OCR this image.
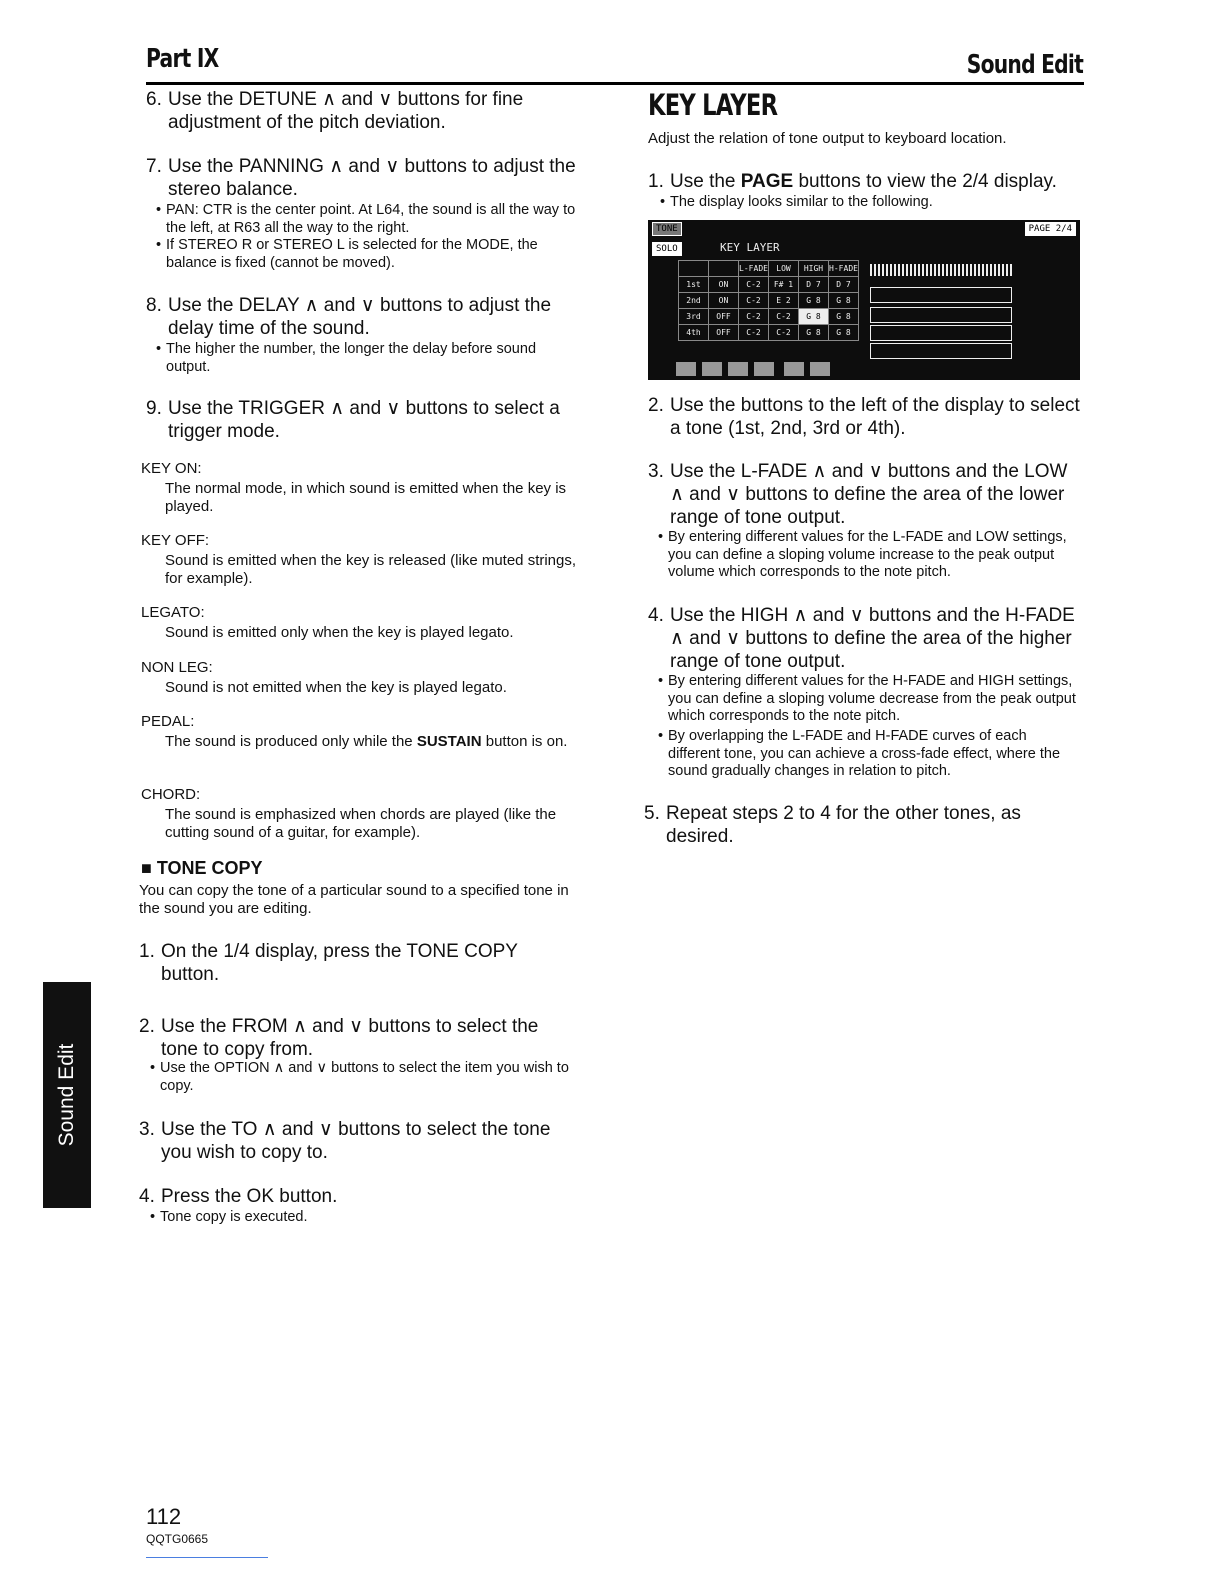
Part IX	Sound Edit
6. Use the DETUNE ∧ and ∨ buttons for fine adjustment of the pitch deviation.
7. Use the PANNING ∧ and ∨ buttons to adjust the stereo balance.
• PAN: CTR is the center point. At L64, the sound is all the way to the left, at R63 all the way to the right.
• If STEREO R or STEREO L is selected for the MODE, the balance is fixed (cannot be moved).
8. Use the DELAY ∧ and ∨ buttons to adjust the delay time of the sound.
• The higher the number, the longer the delay before sound output.
9. Use the TRIGGER ∧ and ∨ buttons to select a trigger mode.
KEY ON:
The normal mode, in which sound is emitted when the key is played.
KEY OFF:
Sound is emitted when the key is released (like muted strings, for example).
LEGATO:
Sound is emitted only when the key is played legato.
NON LEG:
Sound is not emitted when the key is played legato.
PEDAL:
The sound is produced only while the SUSTAIN button is on.
CHORD:
The sound is emphasized when chords are played (like the cutting sound of a guitar, for example).
■ TONE COPY
You can copy the tone of a particular sound to a specified tone in the sound you are editing.
1. On the 1/4 display, press the TONE COPY button.
2. Use the FROM ∧ and ∨ buttons to select the tone to copy from.
• Use the OPTION ∧ and ∨ buttons to select the item you wish to copy.
3. Use the TO ∧ and ∨ buttons to select the tone you wish to copy to.
4. Press the OK button.
• Tone copy is executed.
KEY LAYER
Adjust the relation of tone output to keyboard location.
1. Use the PAGE buttons to view the 2/4 display.
• The display looks similar to the following.
TONE	PAGE 2/4
SOLO	KEY LAYER
		L-FADE	LOW	HIGH	H-FADE
1st	ON	C-2	F# 1	D 7	D 7
2nd	ON	C-2	E 2	G 8	G 8
3rd	OFF	C-2	C-2	G 8	G 8
4th	OFF	C-2	C-2	G 8	G 8
2. Use the buttons to the left of the display to select a tone (1st, 2nd, 3rd or 4th).
3. Use the L-FADE ∧ and ∨ buttons and the LOW ∧ and ∨ buttons to define the area of the lower range of tone output.
• By entering different values for the L-FADE and LOW settings, you can define a sloping volume increase to the peak output volume which corresponds to the note pitch.
4. Use the HIGH ∧ and ∨ buttons and the H-FADE ∧ and ∨ buttons to define the area of the higher range of tone output.
• By entering different values for the H-FADE and HIGH settings, you can define a sloping volume decrease from the peak output which corresponds to the note pitch.
• By overlapping the L-FADE and H-FADE curves of each different tone, you can achieve a cross-fade effect, where the sound gradually changes in relation to pitch.
5. Repeat steps 2 to 4 for the other tones, as desired.
Sound Edit
112
QQTG0665
